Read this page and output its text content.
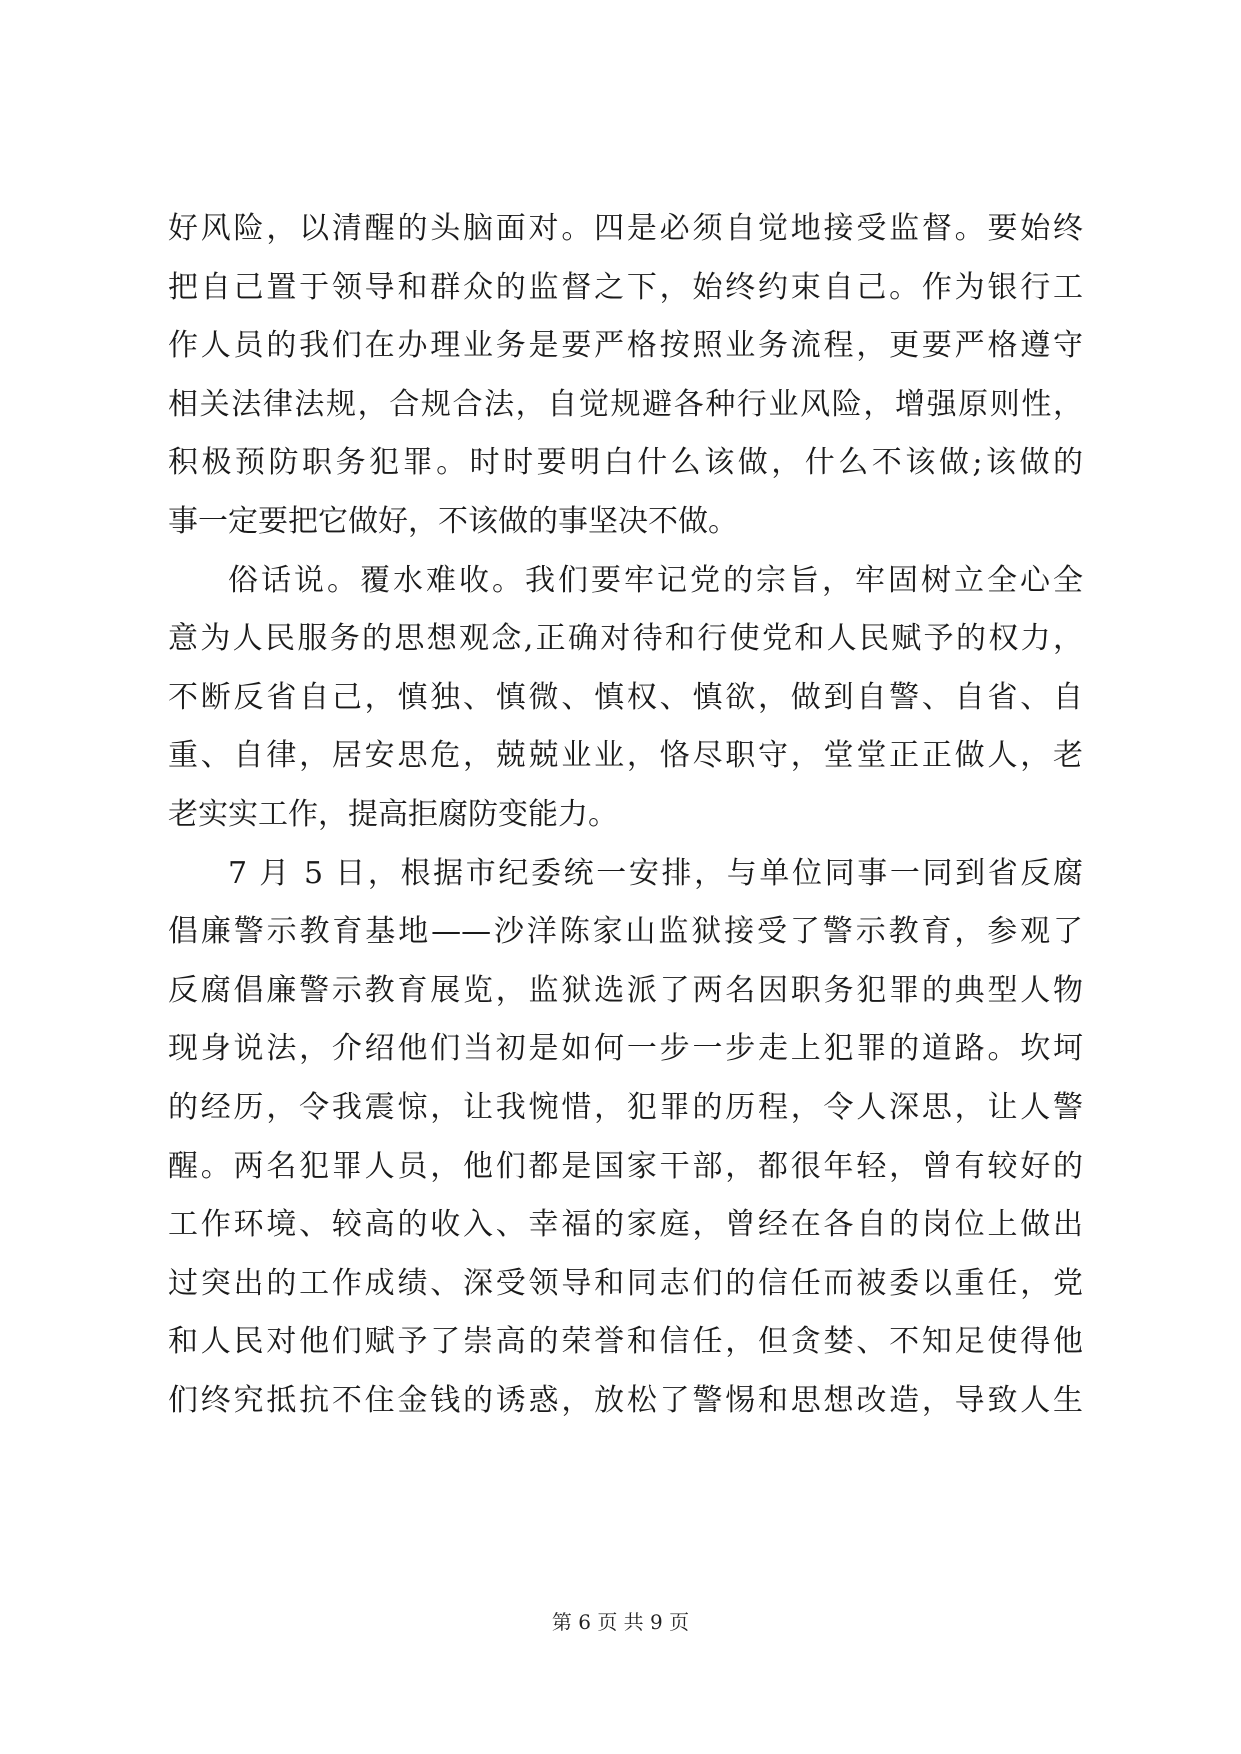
好风险，以清醒的头脑面对。四是必须自觉地接受监督。要始终
把自己置于领导和群众的监督之下，始终约束自己。作为银行工
作人员的我们在办理业务是要严格按照业务流程，更要严格遵守
相关法律法规，合规合法，自觉规避各种行业风险，增强原则性，
积极预防职务犯罪。时时要明白什么该做，什么不该做;该做的
事一定要把它做好，不该做的事坚决不做。
俗话说。覆水难收。我们要牢记党的宗旨，牢固树立全心全
意为人民服务的思想观念,正确对待和行使党和人民赋予的权力，
不断反省自己，慎独、慎微、慎权、慎欲，做到自警、自省、自
重、自律，居安思危，兢兢业业，恪尽职守，堂堂正正做人，老
老实实工作，提高拒腐防变能力。
7 月 5 日，根据市纪委统一安排，与单位同事一同到省反腐
倡廉警示教育基地——沙洋陈家山监狱接受了警示教育，参观了
反腐倡廉警示教育展览，监狱选派了两名因职务犯罪的典型人物
现身说法，介绍他们当初是如何一步一步走上犯罪的道路。坎坷
的经历，令我震惊，让我惋惜，犯罪的历程，令人深思，让人警
醒。两名犯罪人员，他们都是国家干部，都很年轻，曾有较好的
工作环境、较高的收入、幸福的家庭，曾经在各自的岗位上做出
过突出的工作成绩、深受领导和同志们的信任而被委以重任，党
和人民对他们赋予了崇高的荣誉和信任，但贪婪、不知足使得他
们终究抵抗不住金钱的诱惑，放松了警惕和思想改造，导致人生
第 6 页 共 9 页
